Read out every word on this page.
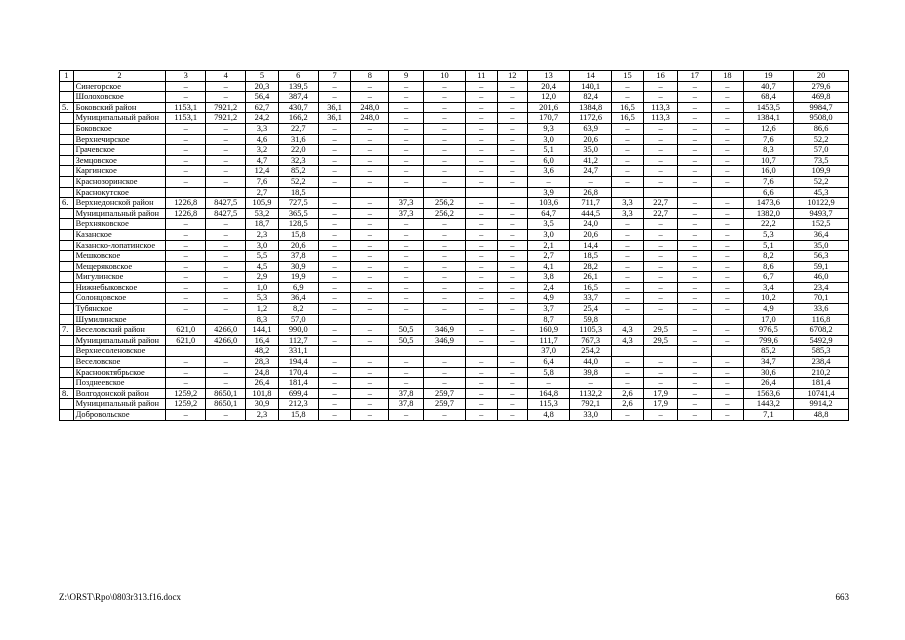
1	2	3	4	5	6	7	8	9	10	11	12	13	14	15	16	17	18	19	20
	Синегорское	–	–	20,3	139,5	–	–	–	–	–	–	20,4	140,1	–	–	–	–	40,7	279,6
	Шолоховское	–	–	56,4	387,4	–	–	–	–	–	–	12,0	82,4	–	–	–	–	68,4	469,8
5.	Боковский район	1153,1	7921,2	62,7	430,7	36,1	248,0	–	–	–	–	201,6	1384,8	16,5	113,3	–	–	1453,5	9984,7
	Муниципальный район	1153,1	7921,2	24,2	166,2	36,1	248,0	–	–	–	–	170,7	1172,6	16,5	113,3	–	–	1384,1	9508,0
	Боковское	–	–	3,3	22,7	–	–	–	–	–	–	9,3	63,9	–	–	–	–	12,6	86,6
	Верхнечирское	–	–	4,6	31,6	–	–	–	–	–	–	3,0	20,6	–	–	–	–	7,6	52,2
	Грачевское	–	–	3,2	22,0	–	–	–	–	–	–	5,1	35,0	–	–	–	–	8,3	57,0
	Земцовское	–	–	4,7	32,3	–	–	–	–	–	–	6,0	41,2	–	–	–	–	10,7	73,5
	Каргинское	–	–	12,4	85,2	–	–	–	–	–	–	3,6	24,7	–	–	–	–	16,0	109,9
	Краснозоринское	–	–	7,6	52,2	–	–	–	–	–	–	–	–	–	–	–	–	7,6	52,2
	Краснокутское			2,7	18,5							3,9	26,8					6,6	45,3
6.	Верхнедонской район	1226,8	8427,5	105,9	727,5	–	–	37,3	256,2	–	–	103,6	711,7	3,3	22,7	–	–	1473,6	10122,9
	Муниципальный район	1226,8	8427,5	53,2	365,5	–	–	37,3	256,2	–	–	64,7	444,5	3,3	22,7	–	–	1382,0	9493,7
	Верхняковское	–	–	18,7	128,5	–	–	–	–	–	–	3,5	24,0	–	–	–	–	22,2	152,5
	Казанское	–	–	2,3	15,8	–	–	–	–	–	–	3,0	20,6	–	–	–	–	5,3	36,4
	Казанско-лопатинское	–	–	3,0	20,6	–	–	–	–	–	–	2,1	14,4	–	–	–	–	5,1	35,0
	Мешковское	–	–	5,5	37,8	–	–	–	–	–	–	2,7	18,5	–	–	–	–	8,2	56,3
	Мещеряковское	–	–	4,5	30,9	–	–	–	–	–	–	4,1	28,2	–	–	–	–	8,6	59,1
	Мигулинское	–	–	2,9	19,9	–	–	–	–	–	–	3,8	26,1	–	–	–	–	6,7	46,0
	Нижнебыковское	–	–	1,0	6,9	–	–	–	–	–	–	2,4	16,5	–	–	–	–	3,4	23,4
	Солонцовское	–	–	5,3	36,4	–	–	–	–	–	–	4,9	33,7	–	–	–	–	10,2	70,1
	Тубянское	–	–	1,2	8,2	–	–	–	–	–	–	3,7	25,4	–	–	–	–	4,9	33,6
	Шумилинское			8,3	57,0							8,7	59,8					17,0	116,8
7.	Веселовский район	621,0	4266,0	144,1	990,0	–	–	50,5	346,9	–	–	160,9	1105,3	4,3	29,5	–	–	976,5	6708,2
	Муниципальный район	621,0	4266,0	16,4	112,7	–	–	50,5	346,9	–	–	111,7	767,3	4,3	29,5	–	–	799,6	5492,9
	Верхнесоленовское			48,2	331,1							37,0	254,2					85,2	585,3
	Веселовское	–	–	28,3	194,4	–	–	–	–	–	–	6,4	44,0	–	–	–	–	34,7	238,4
	Краснооктябрьское	–	–	24,8	170,4	–	–	–	–	–	–	5,8	39,8	–	–	–	–	30,6	210,2
	Позднеевское	–	–	26,4	181,4	–	–	–	–	–	–	–	–	–	–	–	–	26,4	181,4
8.	Волгодонской район	1259,2	8650,1	101,8	699,4	–	–	37,8	259,7	–	–	164,8	1132,2	2,6	17,9	–	–	1563,6	10741,4
	Муниципальный район	1259,2	8650,1	30,9	212,3	–	–	37,8	259,7	–	–	115,3	792,1	2,6	17,9	–	–	1443,2	9914,2
	Добровольское	–	–	2,3	15,8	–	–	–	–	–	–	4,8	33,0	–	–	–	–	7,1	48,8
Z:\ORST\Rpo\0803r313.f16.docx	663
